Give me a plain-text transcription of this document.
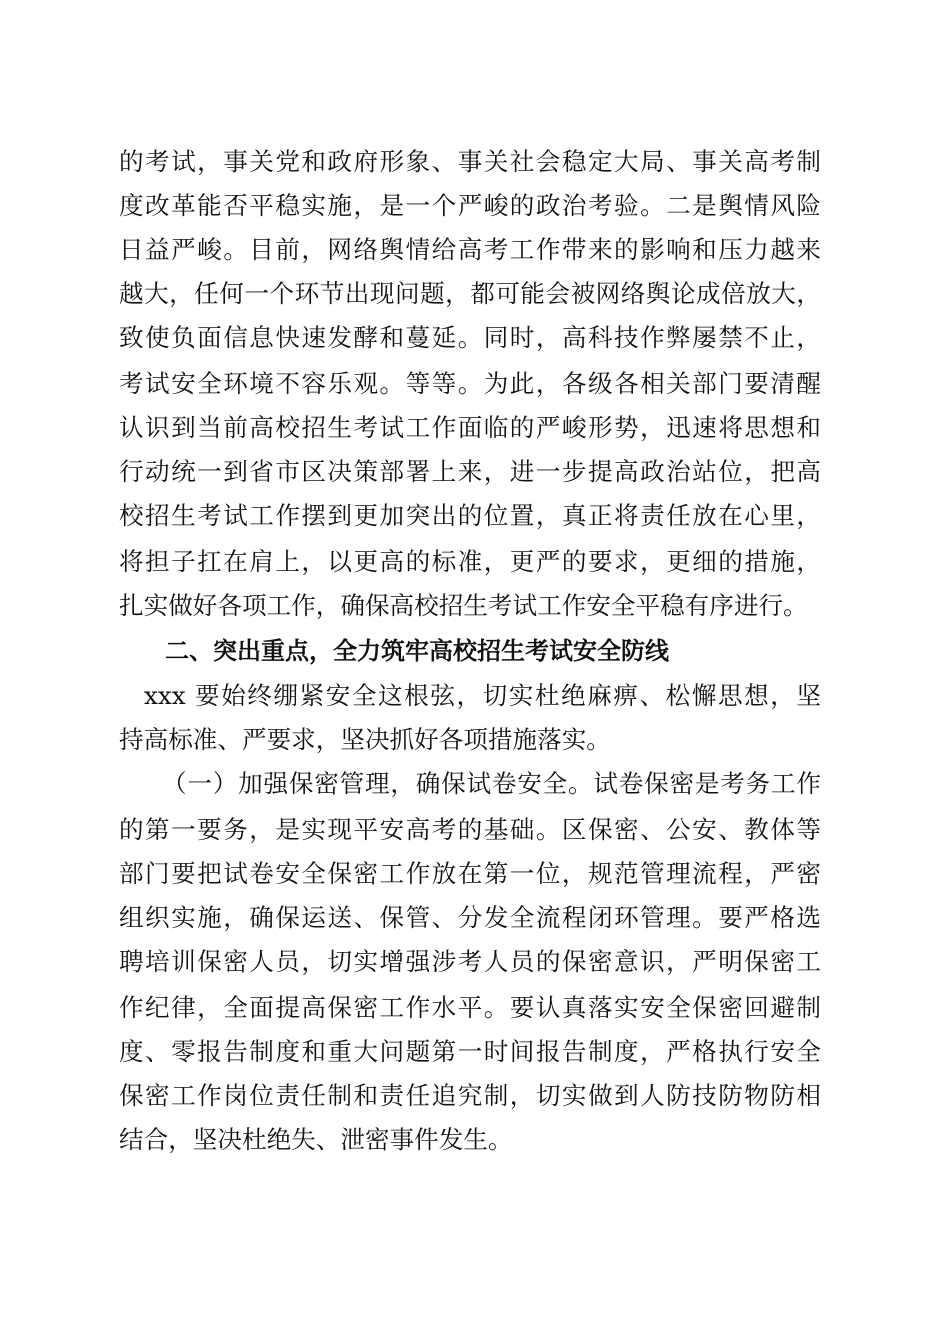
的考试，事关党和政府形象、事关社会稳定大局、事关高考制
度改革能否平稳实施，是一个严峻的政治考验。二是舆情风险
日益严峻。目前，网络舆情给高考工作带来的影响和压力越来
越大，任何一个环节出现问题，都可能会被网络舆论成倍放大，
致使负面信息快速发酵和蔓延。同时，高科技作弊屡禁不止，
考试安全环境不容乐观。等等。为此，各级各相关部门要清醒
认识到当前高校招生考试工作面临的严峻形势，迅速将思想和
行动统一到省市区决策部署上来，进一步提高政治站位，把高
校招生考试工作摆到更加突出的位置，真正将责任放在心里，
将担子扛在肩上，以更高的标准，更严的要求，更细的措施，
扎实做好各项工作，确保高校招生考试工作安全平稳有序进行。
二、突出重点，全力筑牢高校招生考试安全防线
xxx 要始终绷紧安全这根弦，切实杜绝麻痹、松懈思想，坚
持高标准、严要求，坚决抓好各项措施落实。
（一）加强保密管理，确保试卷安全。试卷保密是考务工作
的第一要务，是实现平安高考的基础。区保密、公安、教体等
部门要把试卷安全保密工作放在第一位，规范管理流程，严密
组织实施，确保运送、保管、分发全流程闭环管理。要严格选
聘培训保密人员，切实增强涉考人员的保密意识，严明保密工
作纪律，全面提高保密工作水平。要认真落实安全保密回避制
度、零报告制度和重大问题第一时间报告制度，严格执行安全
保密工作岗位责任制和责任追究制，切实做到人防技防物防相
结合，坚决杜绝失、泄密事件发生。
